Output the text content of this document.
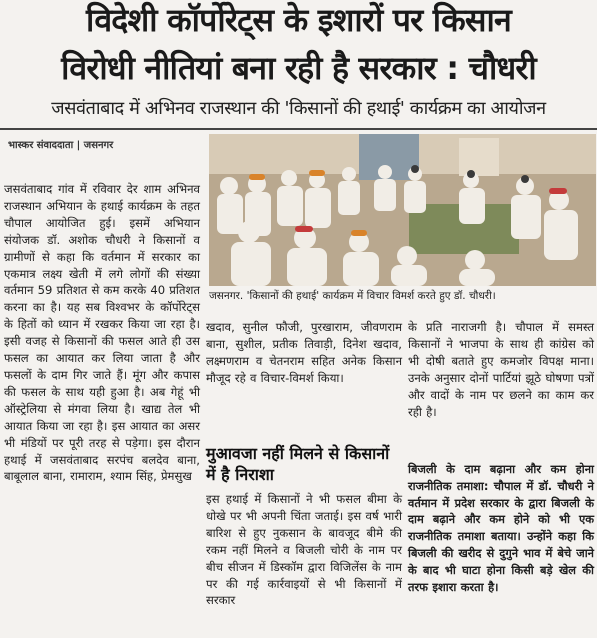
विदेशी कॉर्पोरेट्स के इशारों पर किसान
विरोधी नीतियां बना रही है सरकार : चौधरी
जसवंताबाद में अभिनव राजस्थान की 'किसानों की हथाई' कार्यक्रम का आयोजन
भास्कर संवाददाता | जसनगर
जसनगर. 'किसानों की हथाई' कार्यक्रम में विचार विमर्श करते हुए डॉ. चौधरी।
जसवंताबाद गांव में रविवार देर शाम अभिनव राजस्थान अभियान के हथाई कार्यक्रम के तहत चौपाल आयोजित हुई। इसमें अभियान संयोजक डॉ. अशोक चौधरी ने किसानों व ग्रामीणों से कहा कि वर्तमान में सरकार का एकमात्र लक्ष्य खेती में लगे लोगों की संख्या वर्तमान 59 प्रतिशत से कम करके 40 प्रतिशत करना का है। यह सब विश्वभर के कॉर्पोरेट्स के हितों को ध्यान में रखकर किया जा रहा है। इसी वजह से किसानों की फसल आते ही उस फसल का आयात कर लिया जाता है और फसलों के दाम गिर जाते हैं। मूंग और कपास की फसल के साथ यही हुआ है। अब गेहूं भी ऑस्ट्रेलिया से मंगवा लिया है। खाद्य तेल भी आयात किया जा रहा है। इस आयात का असर भी मंडियों पर पूरी तरह से पड़ेगा। इस दौरान हथाई में जसवंताबाद सरपंच बलदेव बाना, बाबूलाल बाना, रामाराम, श्याम सिंह, प्रेमसुख
खदाव, सुनील फौजी, पुरखाराम, जीवणराम बाना, सुशील, प्रतीक तिवाड़ी, दिनेश खदाव, लक्ष्मणराम व चेतनराम सहित अनेक किसान मौजूद रहे व विचार-विमर्श किया।
मुआवजा नहीं मिलने से किसानों में है निराशा
इस हथाई में किसानों ने भी फसल बीमा के धोखे पर भी अपनी चिंता जताई। इस वर्ष भारी बारिश से हुए नुकसान के बावजूद बीमे की रकम नहीं मिलने व बिजली चोरी के नाम पर बीच सीजन में डिस्कॉम द्वारा विजिलेंस के नाम पर की गई कार्रवाइयों से भी किसानों में सरकार
के प्रति नाराजगी है। चौपाल में समस्त किसानों ने भाजपा के साथ ही कांग्रेस को भी दोषी बताते हुए कमजोर विपक्ष माना। उनके अनुसार दोनों पार्टियां झूठे घोषणा पत्रों और वादों के नाम पर छलने का काम कर रही है।
बिजली के दाम बढ़ाना और कम होना राजनीतिक तमाशा: चौपाल में डॉ. चौधरी ने वर्तमान में प्रदेश सरकार के द्वारा बिजली के दाम बढ़ाने और कम होने को भी एक राजनीतिक तमाशा बताया। उन्होंने कहा कि बिजली की खरीद से दुगुने भाव में बेचे जाने के बाद भी घाटा होना किसी बड़े खेल की तरफ इशारा करता है।
